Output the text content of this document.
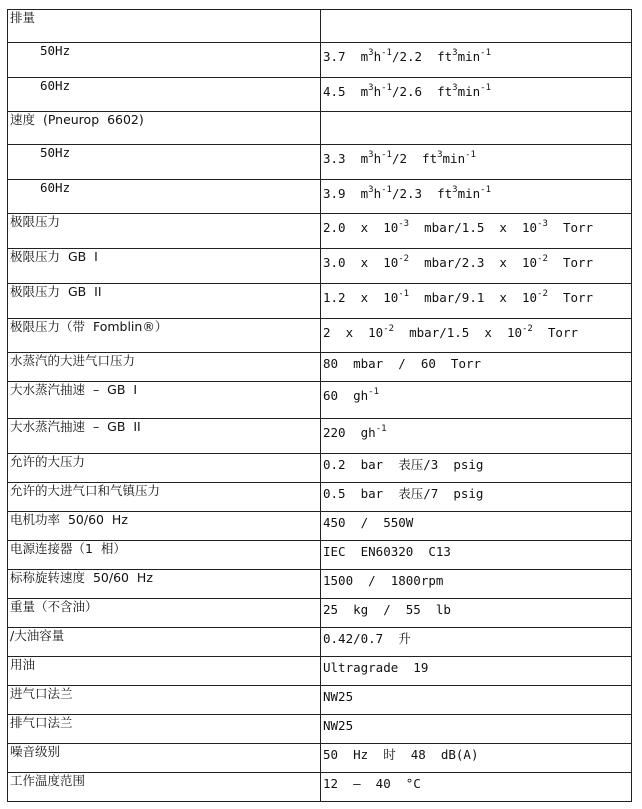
排量	
50Hz	3.7  $m^3h^{-1}/2.2$  $ft^3\min^{-1}$
60Hz	4.5  $m^3h^{-1}/2.6$  $ft^3\min^{-1}$
速度  (Pneurop  6602)	
50Hz	3.3  $m^3h^{-1}/2$  $ft^3\min^{-1}$
60Hz	3.9  $m^3h^{-1}/2.3$  $ft^3\min^{-1}$
极限压力	2.0  x  $10^{-3}$  mbar/1.5  x  $10^{-3}$  Torr
极限压力  GB  I	3.0  x  $10^{-2}$  mbar/2.3  x  $10^{-2}$  Torr
极限压力  GB  II	1.2  x  $10^{-1}$  mbar/9.1  x  $10^{-2}$  Torr
极限压力（带  Fomblin®）	2  x  $10^{-2}$  mbar/1.5  x  $10^{-2}$  Torr
水蒸汽的大进气口压力	80  mbar  /  60  Torr
大水蒸汽抽速  –  GB  I	60  $gh^{-1}$
大水蒸汽抽速  –  GB  II	220  $gh^{-1}$
允许的大压力	0.2  bar  表压/3  psig
允许的大进气口和气镇压力	0.5  bar  表压/7  psig
电机功率  50/60  Hz	450  /  550W
电源连接器（1  相）	IEC  EN60320  C13
标称旋转速度  50/60  Hz	1500  /  1800rpm
重量（不含油）	25  kg  /  55  lb
/大油容量	0.42/0.7  升
用油	Ultragrade  19
进气口法兰	NW25
排气口法兰	NW25
噪音级别	50  Hz  时  48  dB(A)
工作温度范围	12  –  40  °C
